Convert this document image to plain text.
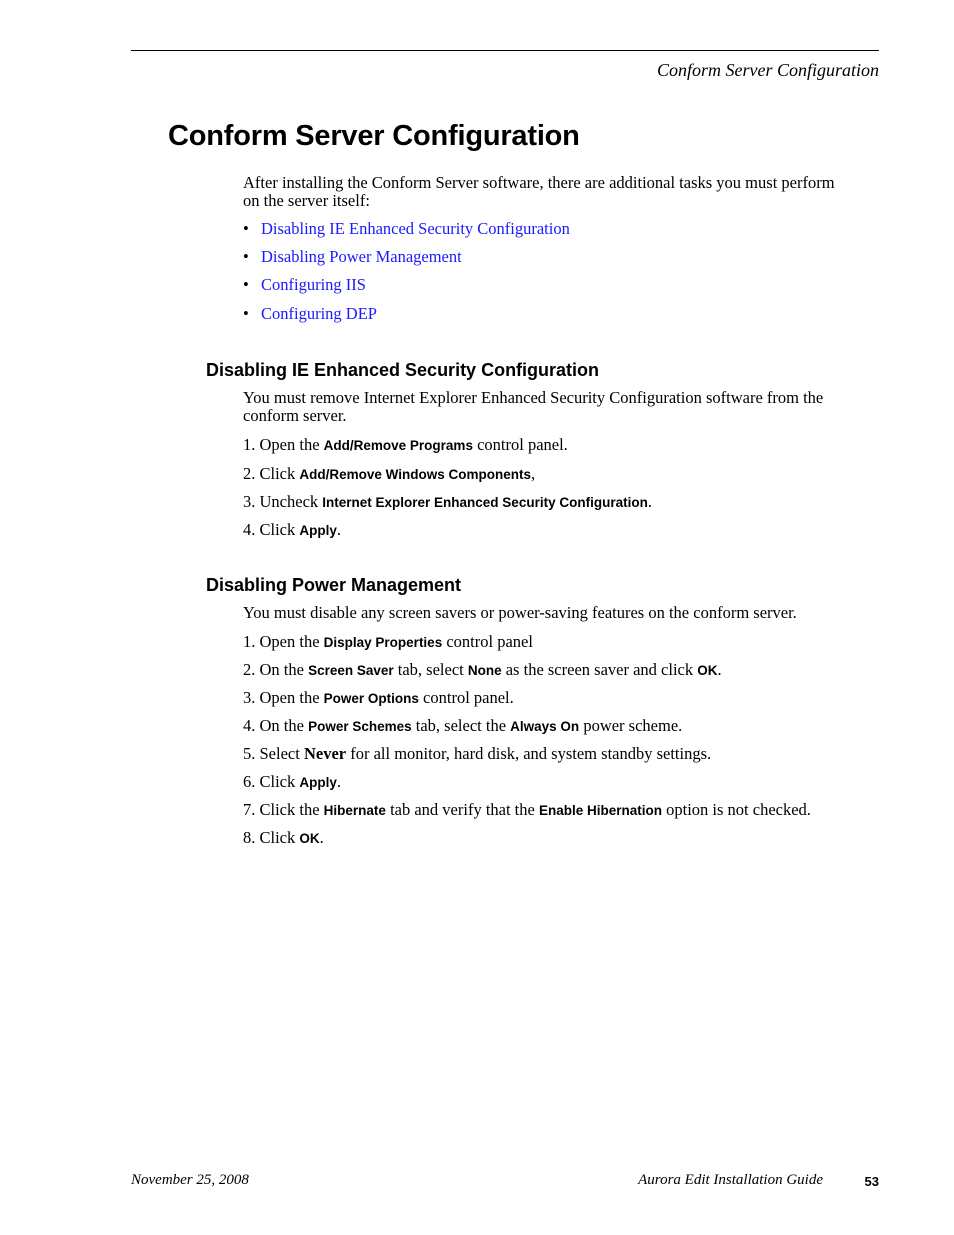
Conform Server Configuration
Conform Server Configuration

After installing the Conform Server software, there are additional tasks you must perform on the server itself:

• Disabling IE Enhanced Security Configuration
• Disabling Power Management
• Configuring IIS
• Configuring DEP
Disabling IE Enhanced Security Configuration

You must remove Internet Explorer Enhanced Security Configuration software from the conform server.

1. Open the Add/Remove Programs control panel.
2. Click Add/Remove Windows Components,
3. Uncheck Internet Explorer Enhanced Security Configuration.
4. Click Apply.
Disabling Power Management

You must disable any screen savers or power-saving features on the conform server.

1. Open the Display Properties control panel
2. On the Screen Saver tab, select None as the screen saver and click OK.
3. Open the Power Options control panel.
4. On the Power Schemes tab, select the Always On power scheme.
5. Select Never for all monitor, hard disk, and system standby settings.
6. Click Apply.
7. Click the Hibernate tab and verify that the Enable Hibernation option is not checked.
8. Click OK.
November 25, 2008	Aurora Edit Installation Guide	53
